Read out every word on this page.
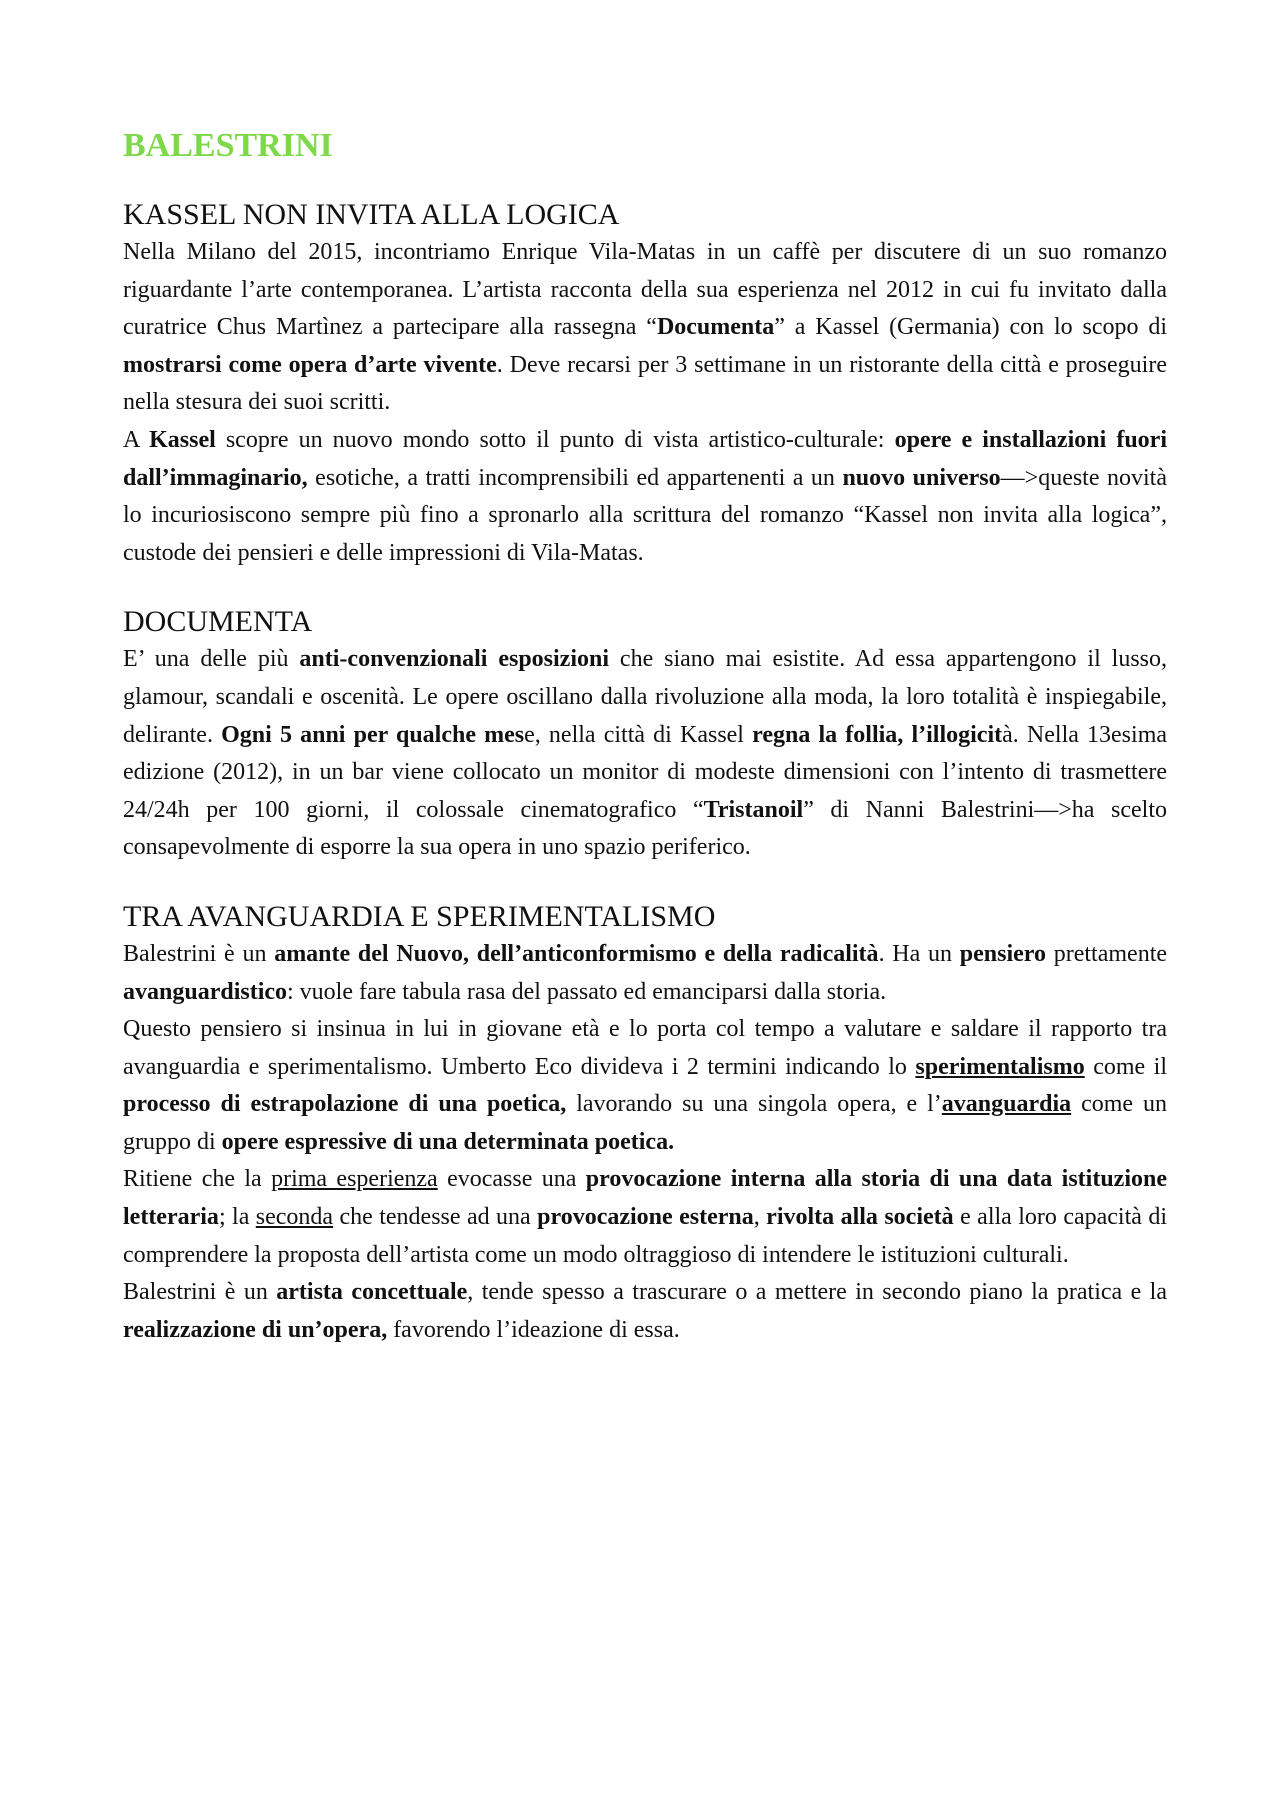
BALESTRINI
KASSEL NON INVITA ALLA LOGICA

Nella Milano del 2015, incontriamo Enrique Vila-Matas in un caffè per discutere di un suo romanzo riguardante l’arte contemporanea. L’artista racconta della sua esperienza nel 2012 in cui fu invitato dalla curatrice Chus Martìnez a partecipare alla rassegna “Documenta” a Kassel (Germania) con lo scopo di mostrarsi come opera d’arte vivente. Deve recarsi per 3 settimane in un ristorante della città e proseguire nella stesura dei suoi scritti.

A Kassel scopre un nuovo mondo sotto il punto di vista artistico-culturale: opere e installazioni fuori dall’immaginario, esotiche, a tratti incomprensibili ed appartenenti a un nuovo universo—>queste novità lo incuriosiscono sempre più fino a spronarlo alla scrittura del romanzo “Kassel non invita alla logica”, custode dei pensieri e delle impressioni di Vila-Matas.

DOCUMENTA

E’ una delle più anti-convenzionali esposizioni che siano mai esistite. Ad essa appartengono il lusso, glamour, scandali e oscenità. Le opere oscillano dalla rivoluzione alla moda, la loro totalità è inspiegabile, delirante. Ogni 5 anni per qualche mese, nella città di Kassel regna la follia, l’illogicità. Nella 13esima edizione (2012), in un bar viene collocato un monitor di modeste dimensioni con l’intento di trasmettere 24/24h per 100 giorni, il colossale cinematografico “Tristanoil” di Nanni Balestrini—>ha scelto consapevolmente di esporre la sua opera in uno spazio periferico.

TRA AVANGUARDIA E SPERIMENTALISMO

Balestrini è un amante del Nuovo, dell’anticonformismo e della radicalità. Ha un pensiero prettamente avanguardistico: vuole fare tabula rasa del passato ed emanciparsi dalla storia.

Questo pensiero si insinua in lui in giovane età e lo porta col tempo a valutare e saldare il rapporto tra avanguardia e sperimentalismo. Umberto Eco divideva i 2 termini indicando lo sperimentalismo come il processo di estrapolazione di una poetica, lavorando su una singola opera, e l’avanguardia come un gruppo di opere espressive di una determinata poetica.

Ritiene che la prima esperienza evocasse una provocazione interna alla storia di una data istituzione letteraria; la seconda che tendesse ad una provocazione esterna, rivolta alla società e alla loro capacità di comprendere la proposta dell’artista come un modo oltraggioso di intendere le istituzioni culturali.

Balestrini è un artista concettuale, tende spesso a trascurare o a mettere in secondo piano la pratica e la realizzazione di un’opera, favorendo l’ideazione di essa.
